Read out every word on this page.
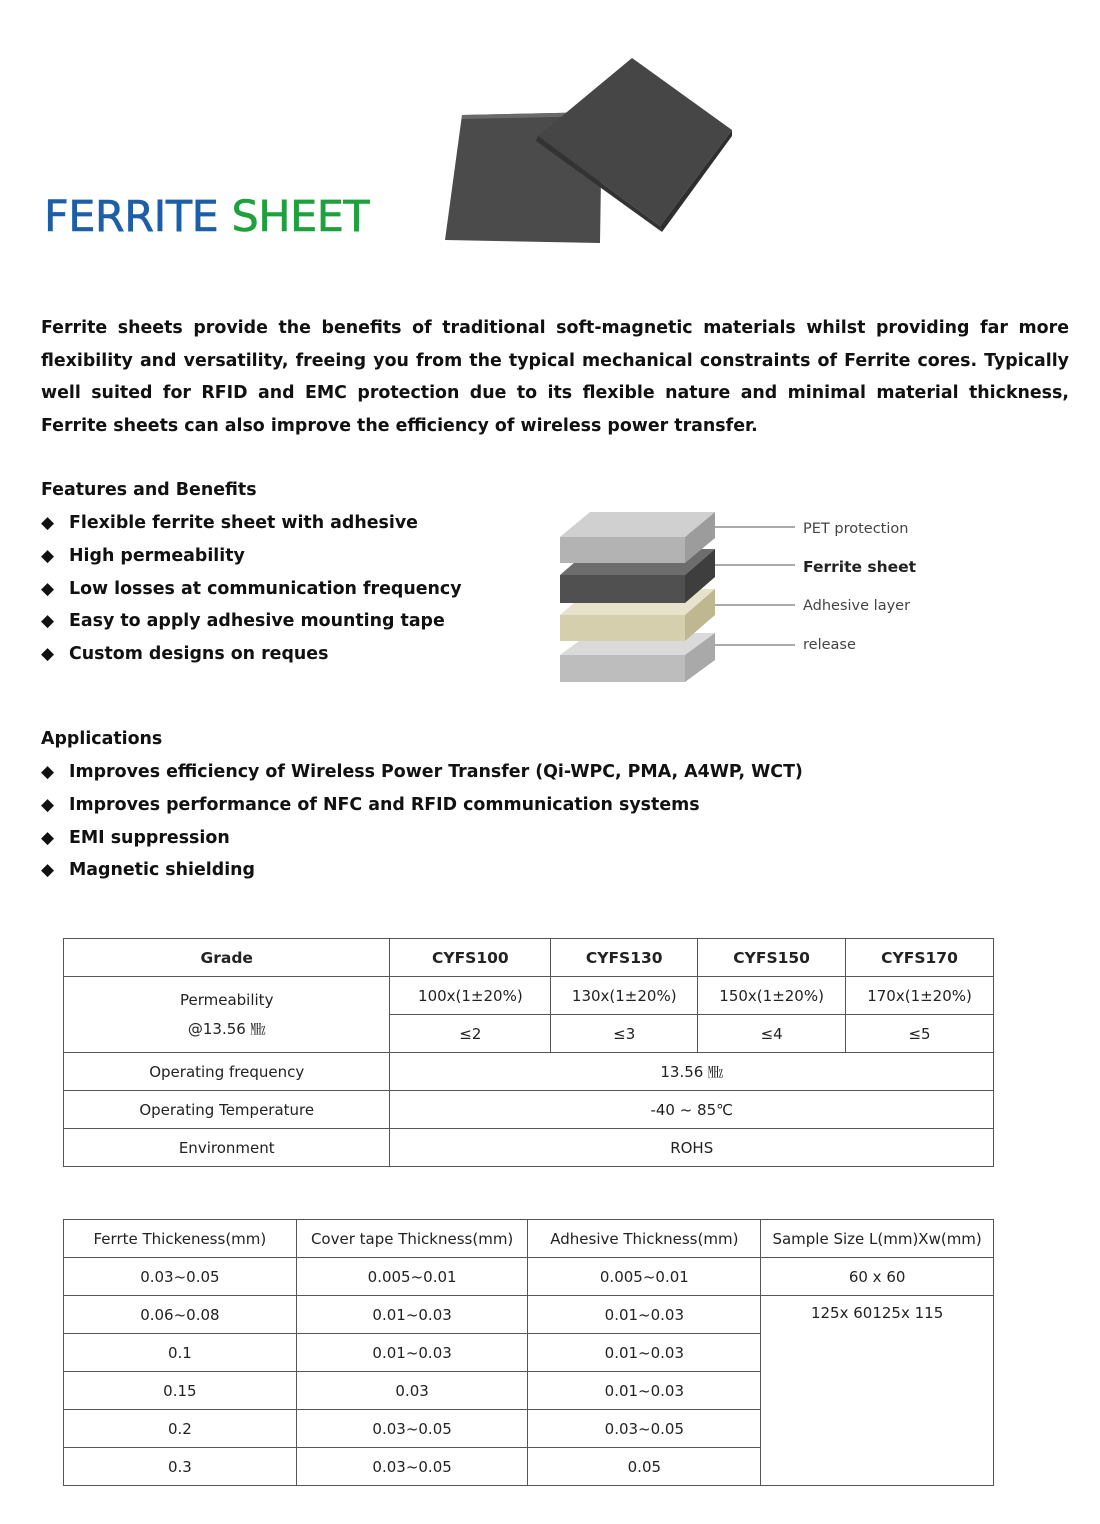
FERRITE SHEET
Ferrite sheets provide the benefits of traditional soft-magnetic materials whilst providing far more flexibility and versatility, freeing you from the typical mechanical constraints of Ferrite cores. Typically well suited for RFID and EMC protection due to its flexible nature and minimal material thickness, Ferrite sheets can also improve the efficiency of wireless power transfer.
Features and Benefits
◆ Flexible ferrite sheet with adhesive
◆ High permeability
◆ Low losses at communication frequency
◆ Easy to apply adhesive mounting tape
◆ Custom designs on reques
PET protection
Ferrite sheet
Adhesive layer
release
Applications
◆ Improves efficiency of Wireless Power Transfer (Qi-WPC, PMA, A4WP, WCT)
◆ Improves performance of NFC and RFID communication systems
◆ EMI suppression
◆ Magnetic shielding
Grade	CYFS100	CYFS130	CYFS150	CYFS170

Permeability
@13.56 ㎒	100x(1±20%)	130x(1±20%)	150x(1±20%)	170x(1±20%)
	≤2	≤3	≤4	≤5
Operating frequency	13.56 ㎒			
Operating Temperature	-40 ~ 85℃			
Environment	ROHS			
Ferrte Thickeness(mm)	Cover tape Thickness(mm)	Adhesive Thickness(mm)	Sample Size L(mm)Xw(mm)
0.03~0.05	0.005~0.01	0.005~0.01	60 x 60
0.06~0.08	0.01~0.03	0.01~0.03	125x 60125x 115
0.1	0.01~0.03	0.01~0.03	
0.15	0.03	0.01~0.03	
0.2	0.03~0.05	0.03~0.05	
0.3	0.03~0.05	0.05	
